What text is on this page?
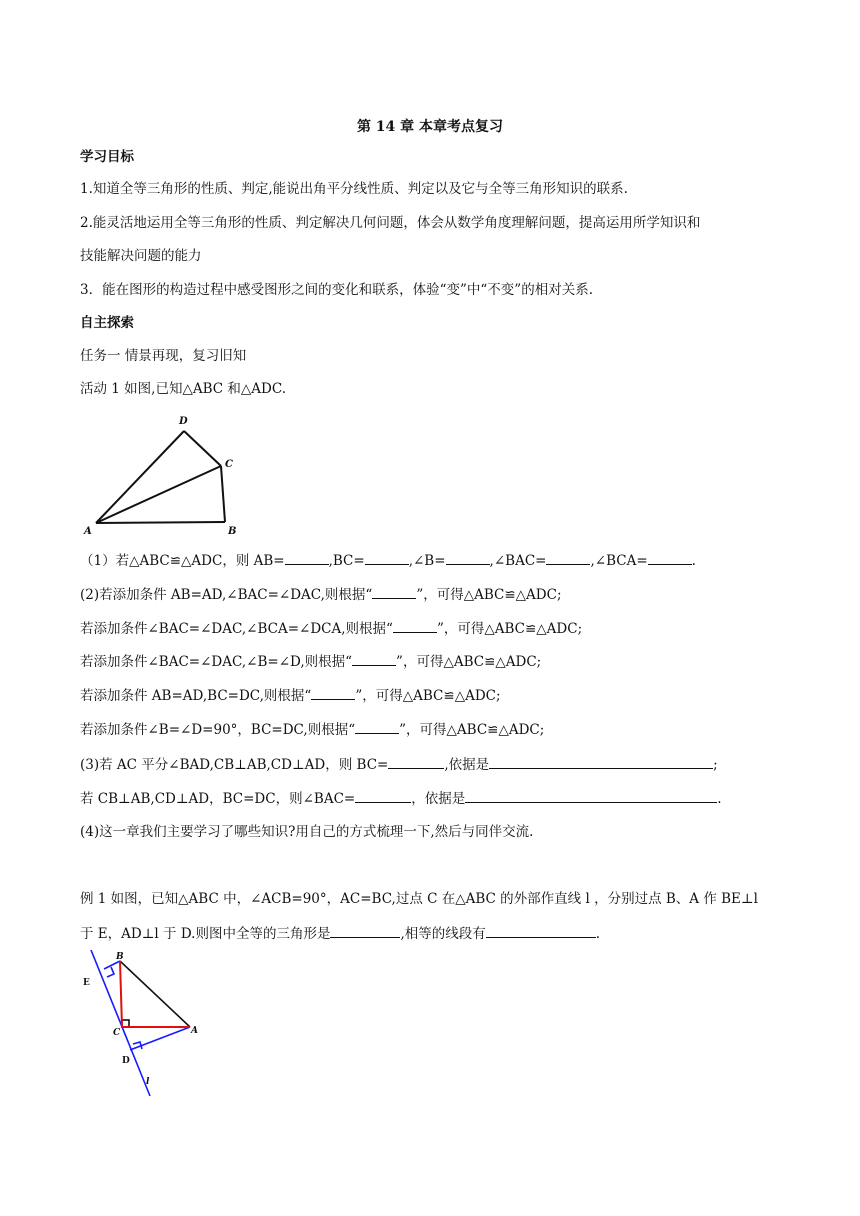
第 14 章 本章考点复习
学习目标
1.知道全等三角形的性质、判定,能说出角平分线性质、判定以及它与全等三角形知识的联系.
2.能灵活地运用全等三角形的性质、判定解决几何问题，体会从数学角度理解问题，提高运用所学知识和
技能解决问题的能力
3．能在图形的构造过程中感受图形之间的变化和联系，体验“变”中“不变”的相对关系.
自主探索
任务一 情景再现，复习旧知
活动 1 如图,已知△ABC 和△ADC.
D
C
A	B
（1）若△ABC≌△ADC，则 AB=	,BC=	,∠B=	,∠BAC=	,∠BCA=	.
(2)若添加条件 AB=AD,∠BAC=∠DAC,则根据“	”，可得△ABC≌△ADC;
若添加条件∠BAC=∠DAC,∠BCA=∠DCA,则根据“	”，可得△ABC≌△ADC;
若添加条件∠BAC=∠DAC,∠B=∠D,则根据“	”，可得△ABC≌△ADC;
若添加条件 AB=AD,BC=DC,则根据“	”，可得△ABC≌△ADC;
若添加条件∠B=∠D=90°，BC=DC,则根据“	”，可得△ABC≌△ADC;
(3)若 AC 平分∠BAD,CB⊥AB,CD⊥AD，则 BC=	,依据是	;
若 CB⊥AB,CD⊥AD，BC=DC，则∠BAC=	，依据是	.
(4)这一章我们主要学习了哪些知识?用自己的方式梳理一下,然后与同伴交流.
例 1 如图，已知△ABC 中，∠ACB=90°，AC=BC,过点 C 在△ABC 的外部作直线 l ，分别过点 B、A 作 BE⊥l
于 E，AD⊥l 于 D.则图中全等的三角形是	,相等的线段有	.
B
E
C	A
D
l
